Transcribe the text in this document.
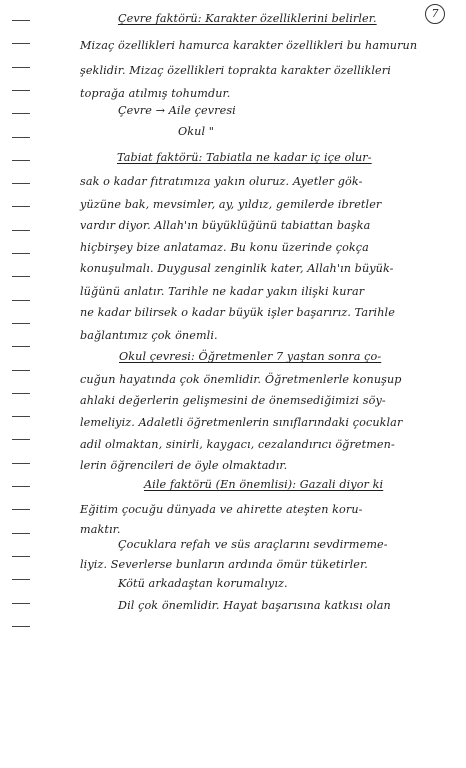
7
Çevre faktörü: Karakter özelliklerini belirler.
Mizaç özellikleri hamurca karakter özellikleri bu hamurun
şeklidir. Mizaç özellikleri toprakta karakter özellikleri
toprağa atılmış tohumdur.
Çevre → Aile çevresi
Okul "
Tabiat faktörü: Tabiatla ne kadar iç içe olur-
sak o kadar fıtratımıza yakın oluruz. Ayetler gök-
yüzüne bak, mevsimler, ay, yıldız, gemilerde ibretler
vardır diyor. Allah'ın büyüklüğünü tabiattan başka
hiçbirşey bize anlatamaz. Bu konu üzerinde çokça
konuşulmalı. Duygusal zenginlik kater, Allah'ın büyük-
lüğünü anlatır. Tarihle ne kadar yakın ilişki kurar
ne kadar bilirsek o kadar büyük işler başarırız. Tarihle
bağlantımız çok önemli.
Okul çevresi: Öğretmenler 7 yaştan sonra ço-
cuğun hayatında çok önemlidir. Öğretmenlerle konuşup
ahlaki değerlerin gelişmesini de önemsediğimizi söy-
lemeliyiz. Adaletli öğretmenlerin sınıflarındaki çocuklar
adil olmaktan, sinirli, kaygacı, cezalandırıcı öğretmen-
lerin öğrencileri de öyle olmaktadır.
Aile faktörü (En önemlisi): Gazali diyor ki
Eğitim çocuğu dünyada ve ahirette ateşten koru-
maktır.
Çocuklara refah ve süs araçlarını sevdirmeme-
liyiz. Severlerse bunların ardında ömür tüketirler.
Kötü arkadaştan korumalıyız.
Dil çok önemlidir. Hayat başarısına katkısı olan
